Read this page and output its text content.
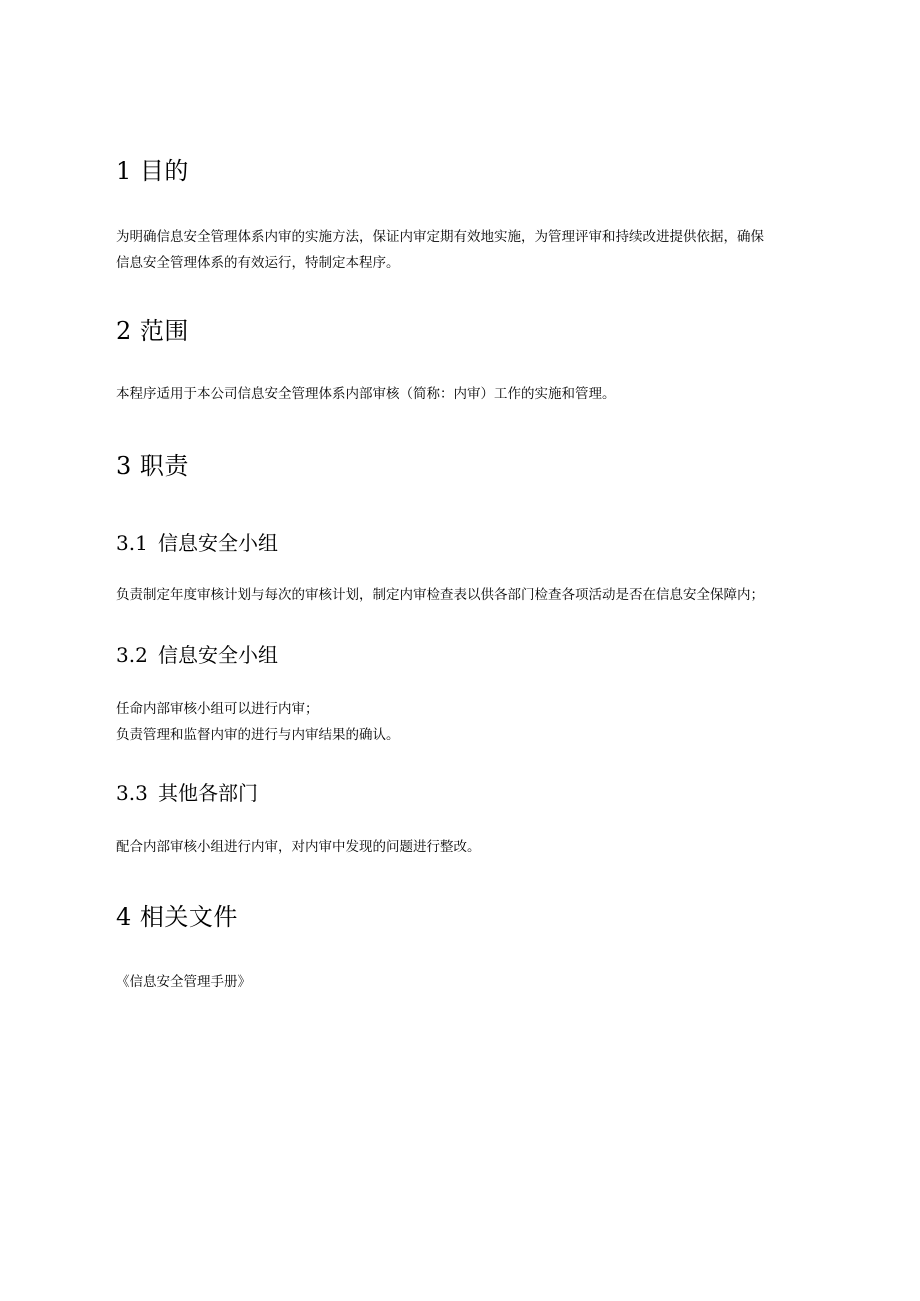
1 目的
为明确信息安全管理体系内审的实施方法，保证内审定期有效地实施，为管理评审和持续改进提供依据，确保
信息安全管理体系的有效运行，特制定本程序。
2 范围
本程序适用于本公司信息安全管理体系内部审核（简称：内审）工作的实施和管理。
3 职责
3.1 信息安全小组
负责制定年度审核计划与每次的审核计划，制定内审检查表以供各部门检查各项活动是否在信息安全保障内；
3.2 信息安全小组
任命内部审核小组可以进行内审；
负责管理和监督内审的进行与内审结果的确认。
3.3 其他各部门
配合内部审核小组进行内审，对内审中发现的问题进行整改。
4 相关文件
《信息安全管理手册》
